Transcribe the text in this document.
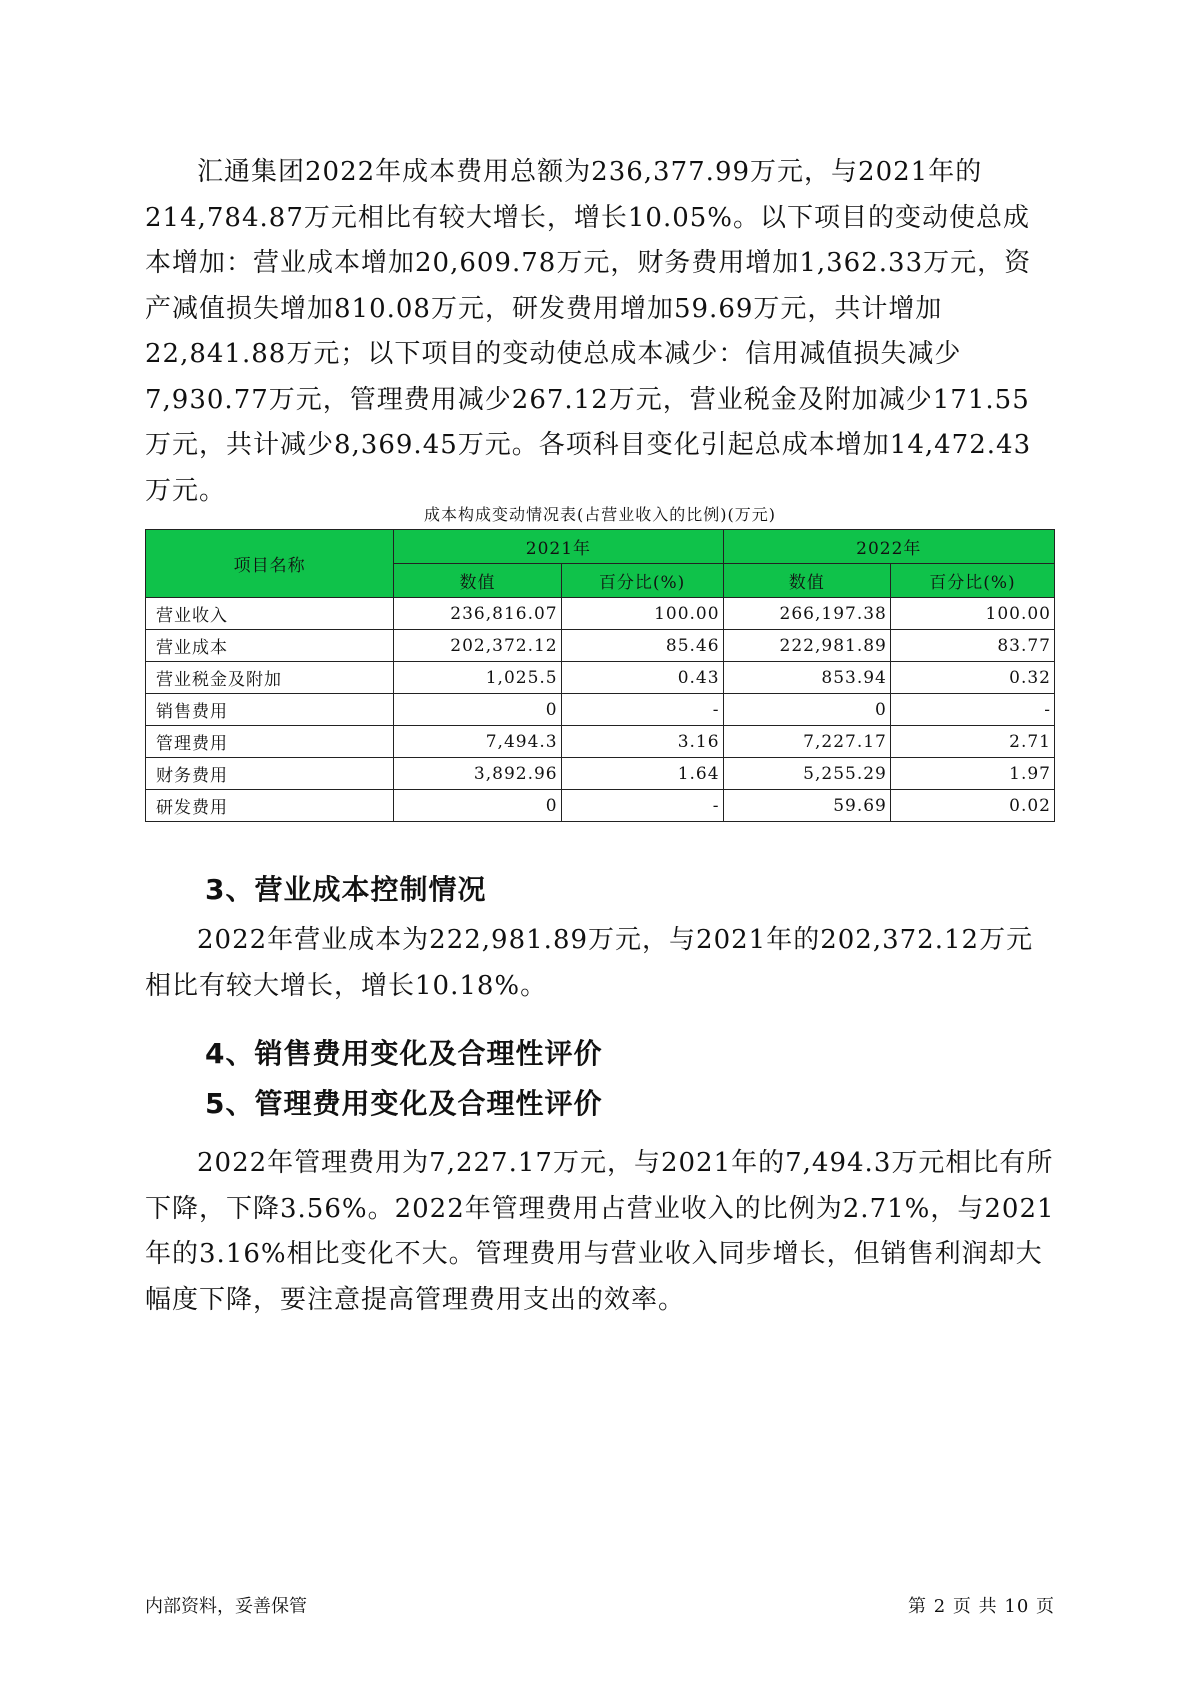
汇通集团2022年成本费用总额为236,377.99万元，与2021年的214,784.87万元相比有较大增长，增长10.05%。以下项目的变动使总成本增加：营业成本增加20,609.78万元，财务费用增加1,362.33万元，资产减值损失增加810.08万元，研发费用增加59.69万元，共计增加22,841.88万元；以下项目的变动使总成本减少：信用减值损失减少7,930.77万元，管理费用减少267.12万元，营业税金及附加减少171.55万元，共计减少8,369.45万元。各项科目变化引起总成本增加14,472.43万元。

成本构成变动情况表(占营业收入的比例)(万元)
项目名称	2021年		2022年	
	数值	百分比(%)	数值	百分比(%)
营业收入	236,816.07	100.00	266,197.38	100.00
营业成本	202,372.12	85.46	222,981.89	83.77
营业税金及附加	1,025.5	0.43	853.94	0.32
销售费用	0	-	0	-
管理费用	7,494.3	3.16	7,227.17	2.71
财务费用	3,892.96	1.64	5,255.29	1.97
研发费用	0	-	59.69	0.02
3、营业成本控制情况

2022年营业成本为222,981.89万元，与2021年的202,372.12万元相比有较大增长，增长10.18%。

4、销售费用变化及合理性评价
5、管理费用变化及合理性评价

2022年管理费用为7,227.17万元，与2021年的7,494.3万元相比有所下降，下降3.56%。2022年管理费用占营业收入的比例为2.71%，与2021年的3.16%相比变化不大。管理费用与营业收入同步增长，但销售利润却大幅度下降，要注意提高管理费用支出的效率。

内部资料，妥善保管	第 2 页 共 10 页
